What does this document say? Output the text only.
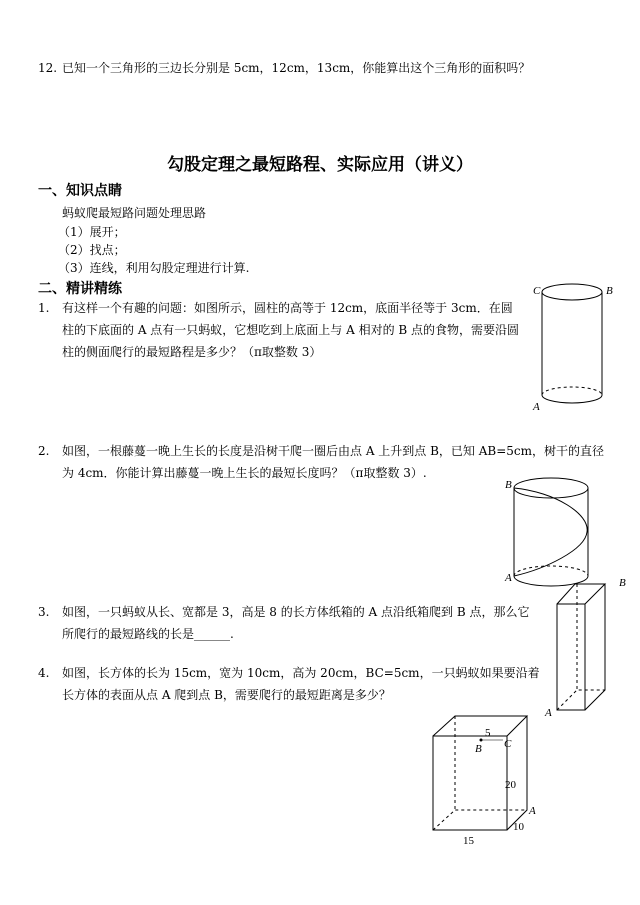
12. 已知一个三角形的三边长分别是 5cm，12cm，13cm，你能算出这个三角形的面积吗？
勾股定理之最短路程、实际应用（讲义）
一、知识点睛
蚂蚁爬最短路问题处理思路
（1）展开；
（2）找点；
（3）连线，利用勾股定理进行计算.
二、精讲精练
1. 有这样一个有趣的问题：如图所示，圆柱的高等于 12cm，底面半径等于 3cm．在圆柱的下底面的 A 点有一只蚂蚁，它想吃到上底面上与 A 相对的 B 点的食物，需要沿圆柱的侧面爬行的最短路程是多少？（π取整数 3）
2. 如图，一根藤蔓一晚上生长的长度是沿树干爬一圈后由点 A 上升到点 B，已知 AB=5cm，树干的直径为 4cm．你能计算出藤蔓一晚上生长的最短长度吗？（π取整数 3）.
3. 如图，一只蚂蚁从长、宽都是 3，高是 8 的长方体纸箱的 A 点沿纸箱爬到 B 点，那么它所爬行的最短路线的长是______.
4. 如图，长方体的长为 15cm，宽为 10cm，高为 20cm，BC=5cm，一只蚂蚁如果要沿着长方体的表面从点 A 爬到点 B，需要爬行的最短距离是多少？
C	B
A
B
A	B
A
5
B C
20
A
10
15
